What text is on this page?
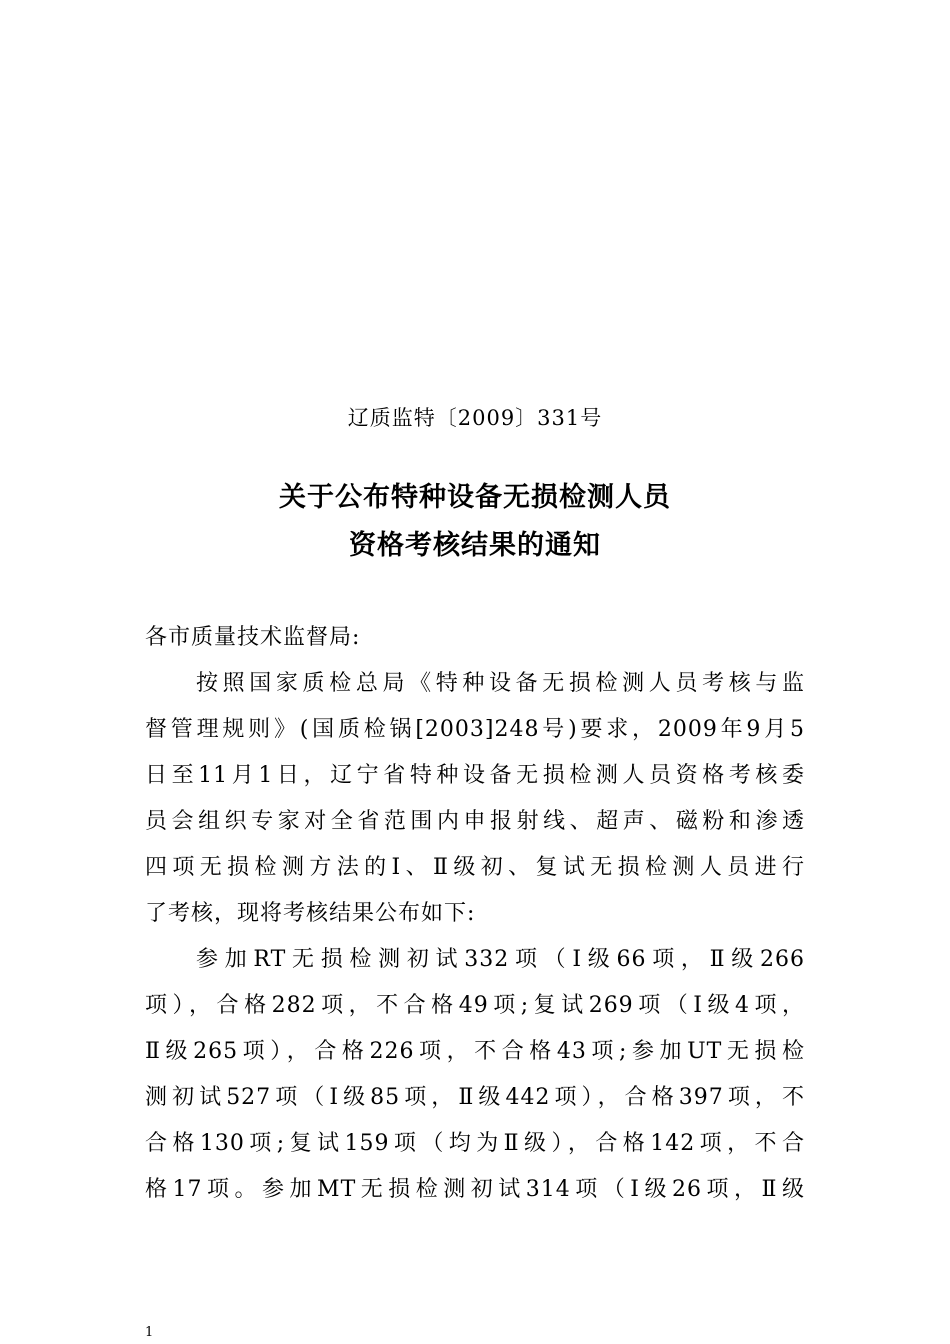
辽质监特〔2009〕331号
关于公布特种设备无损检测人员
资格考核结果的通知
各市质量技术监督局:
按照国家质检总局《特种设备无损检测人员考核与监
督管理规则》(国质检锅[2003]248号)要求，2009年9月5
日至11月1日，辽宁省特种设备无损检测人员资格考核委
员会组织专家对全省范围内申报射线、超声、磁粉和渗透
四项无损检测方法的Ⅰ、Ⅱ级初、复试无损检测人员进行
了考核，现将考核结果公布如下:
参加RT无损检测初试332项（Ⅰ级66项，Ⅱ级266
项），合格282项，不合格49项;复试269项（Ⅰ级4项，
Ⅱ级265项），合格226项，不合格43项;参加UT无损检
测初试527项（Ⅰ级85项，Ⅱ级442项），合格397项，不
合格130项;复试159项（均为Ⅱ级），合格142项，不合
格17项。参加MT无损检测初试314项（Ⅰ级26项，Ⅱ级
1
